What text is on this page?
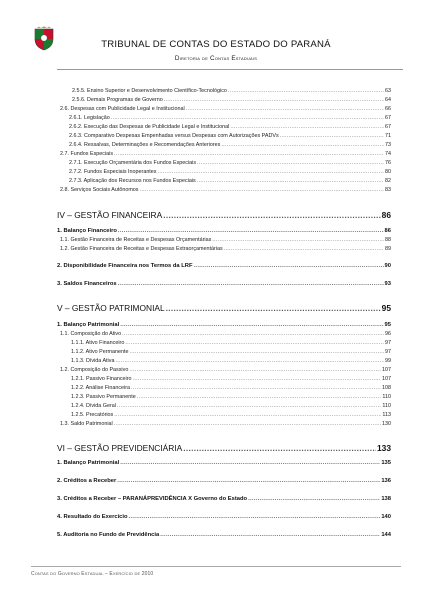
TRIBUNAL DE CONTAS DO ESTADO DO PARANÁ
Diretoria de Contas Estaduais
2.5.5. Ensino Superior e Desenvolvimento Científico-Tecnológico .....	63
2.5.6. Demais Programas de Governo .....	64
2.6. Despesas com Publicidade Legal e Institucional .....	66
2.6.1. Legislação .....	67
2.6.2. Execução das Despesas de Publicidade Legal e Institucional .....	67
2.6.3. Comparativo Despesas Empenhadas versus Despesas com Autorizações PADVs .....	71
2.6.4. Ressalvas, Determinações e Recomendações Anteriores .....	73
2.7. Fundos Especiais .....	74
2.7.1. Execução Orçamentária dos Fundos Especiais .....	76
2.7.2. Fundos Especiais Inoperantes .....	80
2.7.3. Aplicação dos Recursos nos Fundos Especiais .....	82
2.8. Serviços Sociais Autônomos .....	83
IV – GESTÃO FINANCEIRA .....	86
1. Balanço Financeiro .....	86
1.1. Gestão Financeira de Receitas e Despesas Orçamentárias .....	88
1.2. Gestão Financeira de Receitas e Despesas Extraorçamentárias .....	89
2. Disponibilidade Financeira nos Termos da LRF .....	90
3. Saldos Financeiros .....	93
V – GESTÃO PATRIMONIAL .....	95
1. Balanço Patrimonial .....	95
1.1. Composição do Ativo .....	96
1.1.1. Ativo Financeiro .....	97
1.1.2. Ativo Permanente .....	97
1.1.3. Dívida Ativa .....	99
1.2. Composição do Passivo .....	107
1.2.1. Passivo Financeiro .....	107
1.2.2. Análise Financeira .....	108
1.2.3. Passivo Permanente .....	110
1.2.4. Dívida Geral .....	110
1.2.5. Precatórios .....	113
1.3. Saldo Patrimonial .....	130
VI – GESTÃO PREVIDENCIÁRIA .....	133
1. Balanço Patrimonial .....	135
2. Créditos a Receber .....	136
3. Créditos a Receber – PARANÁPREVIDÊNCIA X Governo do Estado .....	138
4. Resultado do Exercício .....	140
5. Auditoria no Fundo de Previdência .....	144
Contas do Governo Estadual – Exercício de 2010
